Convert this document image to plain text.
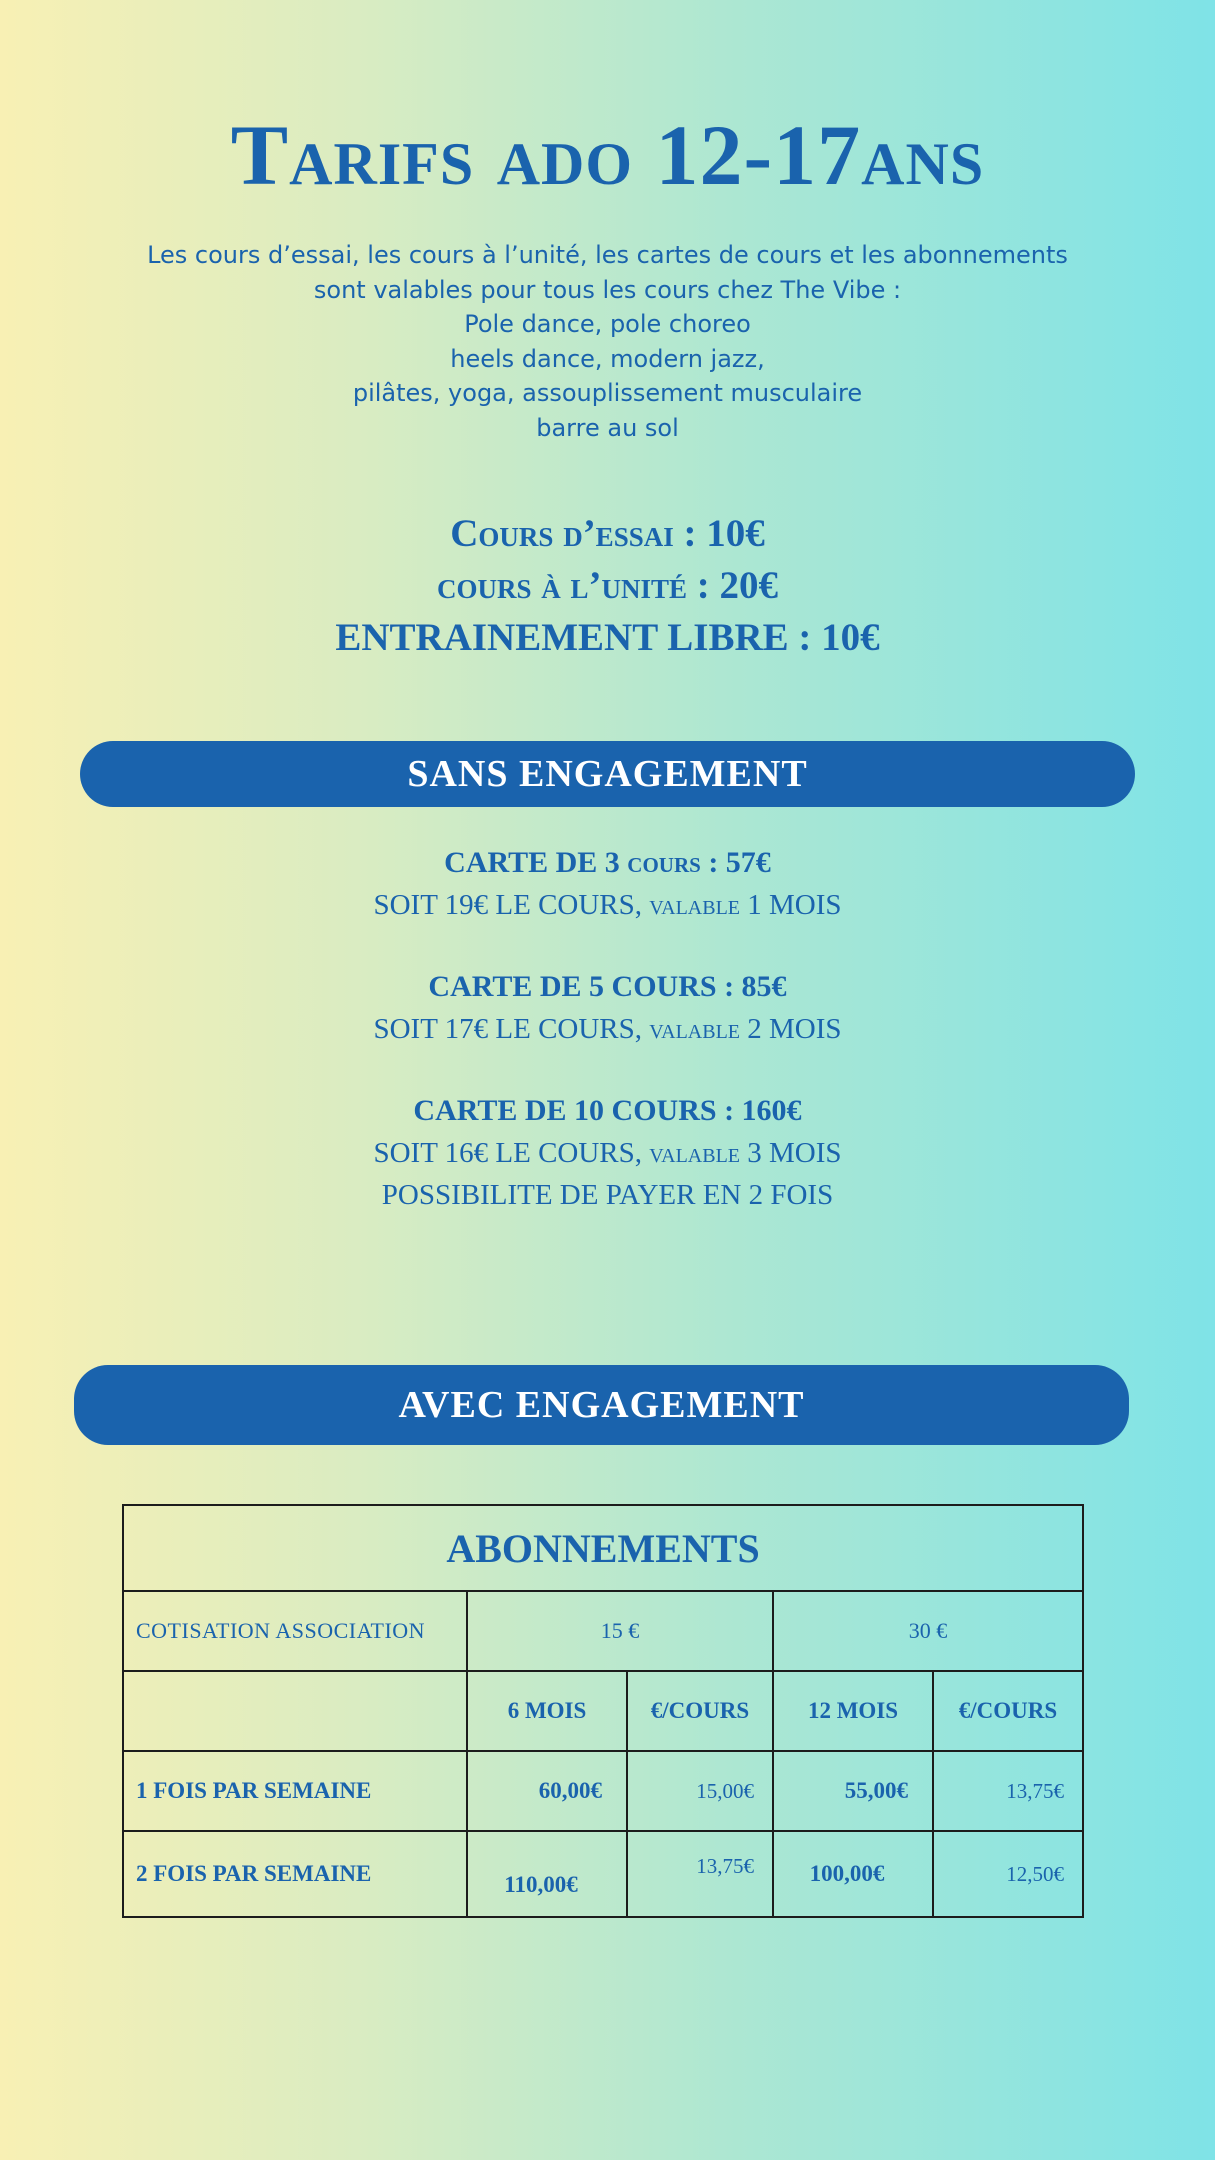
Tarifs ado 12-17ans
Les cours d’essai, les cours à l’unité, les cartes de cours et les abonnements
sont valables pour tous les cours chez The Vibe :
Pole dance, pole choreo
heels dance, modern jazz,
pilâtes, yoga, assouplissement musculaire
barre au sol
Cours d’essai : 10€
cours à l’unité : 20€
ENTRAINEMENT LIBRE : 10€
SANS ENGAGEMENT
CARTE DE 3 cours : 57€
SOIT 19€ LE COURS, valable 1 MOIS
CARTE DE 5 COURS : 85€
SOIT 17€ LE COURS, valable 2 MOIS
CARTE DE 10 COURS : 160€
SOIT 16€ LE COURS, valable 3 MOIS
POSSIBILITE DE PAYER EN 2 FOIS
AVEC ENGAGEMENT
ABONNEMENTS				
COTISATION ASSOCIATION	15 €		30 €	
	6 MOIS	€/COURS	12 MOIS	€/COURS
1 FOIS PAR SEMAINE	60,00€	15,00€	55,00€	13,75€
2 FOIS PAR SEMAINE	110,00€	13,75€	100,00€	12,50€
